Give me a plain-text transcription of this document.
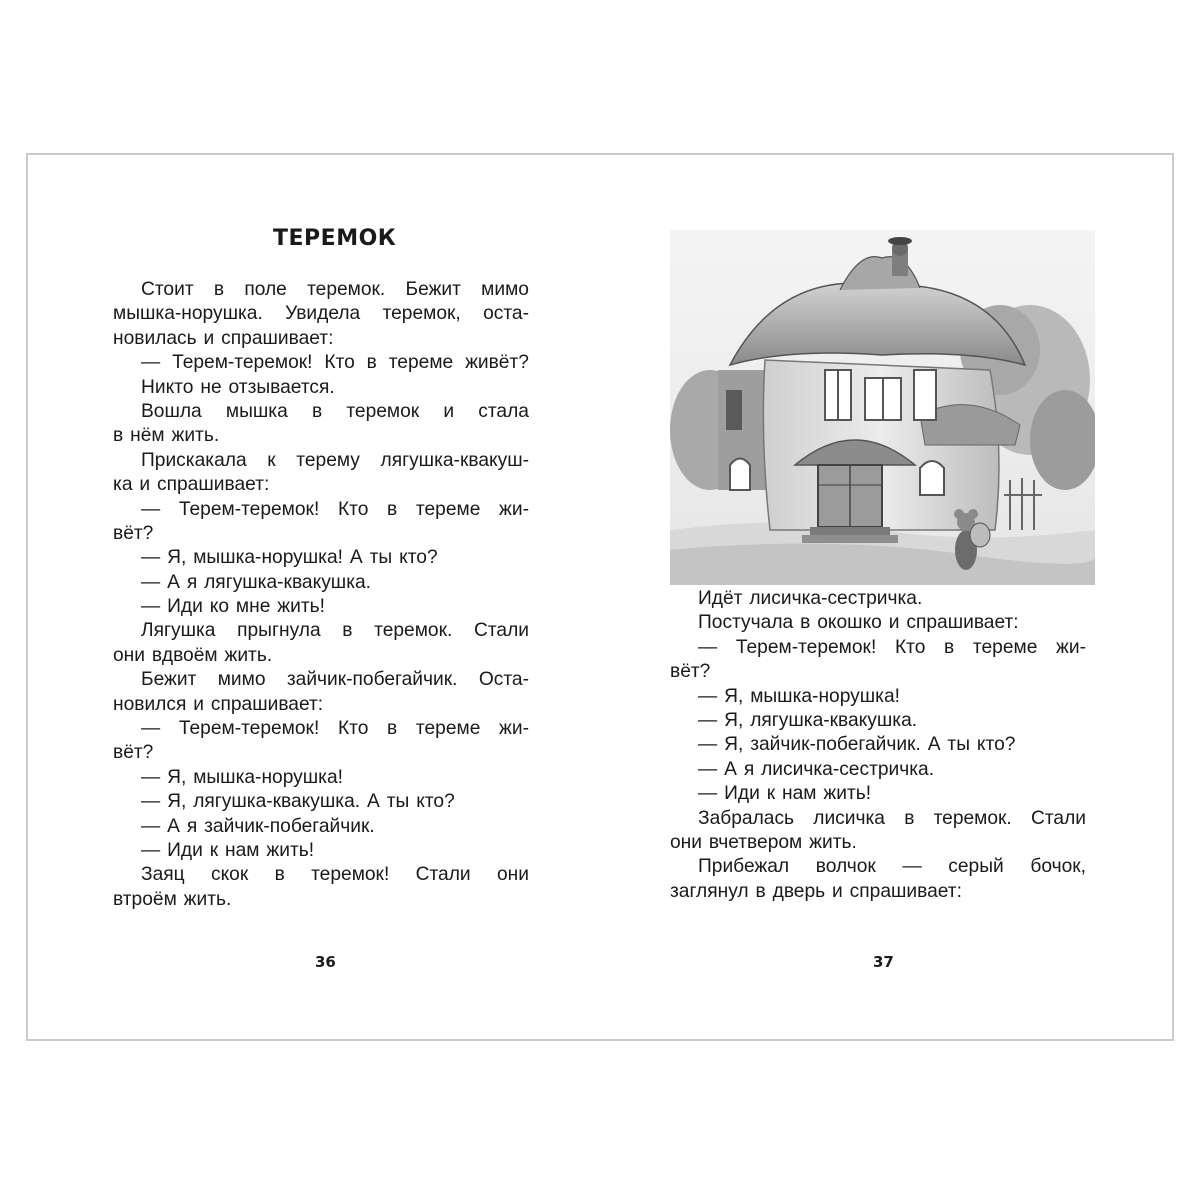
ТЕРЕМОК
Стоит в поле теремок. Бежит мимо
мышка-норушка. Увидела теремок, оста-
новилась и спрашивает:
— Терем-теремок! Кто в тереме живёт?
Никто не отзывается.
Вошла мышка в теремок и стала
в нём жить.
Прискакала к терему лягушка-квакуш-
ка и спрашивает:
— Терем-теремок! Кто в тереме жи-
вёт?
— Я, мышка-норушка! А ты кто?
— А я лягушка-квакушка.
— Иди ко мне жить!
Лягушка прыгнула в теремок. Стали
они вдвоём жить.
Бежит мимо зайчик-побегайчик. Оста-
новился и спрашивает:
— Терем-теремок! Кто в тереме жи-
вёт?
— Я, мышка-норушка!
— Я, лягушка-квакушка. А ты кто?
— А я зайчик-побегайчик.
— Иди к нам жить!
Заяц скок в теремок! Стали они
втроём жить.
Идёт лисичка-сестричка.
Постучала в окошко и спрашивает:
— Терем-теремок! Кто в тереме жи-
вёт?
— Я, мышка-норушка!
— Я, лягушка-квакушка.
— Я, зайчик-побегайчик. А ты кто?
— А я лисичка-сестричка.
— Иди к нам жить!
Забралась лисичка в теремок. Стали
они вчетвером жить.
Прибежал волчок — серый бочок,
заглянул в дверь и спрашивает:
36	37
